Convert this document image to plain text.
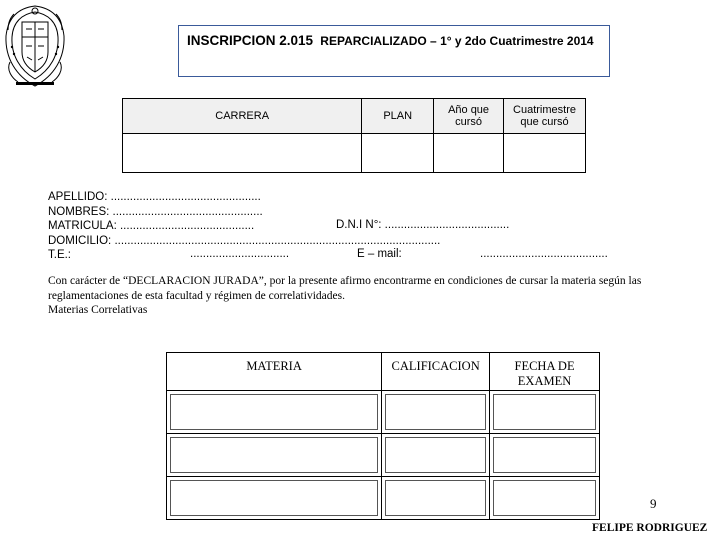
INSCRIPCION 2.015 REPARCIALIZADO – 1° y 2do Cuatrimestre 2014
CARRERA	PLAN	Año que cursó	Cuatrimestre que cursó

APELLIDO: ...............................................
NOMBRES: ...............................................
MATRICULA: ..........................................
DOMICILIO: ......................................................................................................
T.E.:
D.N.I N°: .......................................
...............................	E – mail:	........................................
Con carácter de “DECLARACION JURADA”, por la presente afirmo encontrarme en condiciones de cursar la materia según las
reglamentaciones de esta facultad y régimen de correlatividades.
Materias Correlativas
MATERIA	CALIFICACION	FECHA DE EXAMEN

9
FELIPE RODRIGUEZ
